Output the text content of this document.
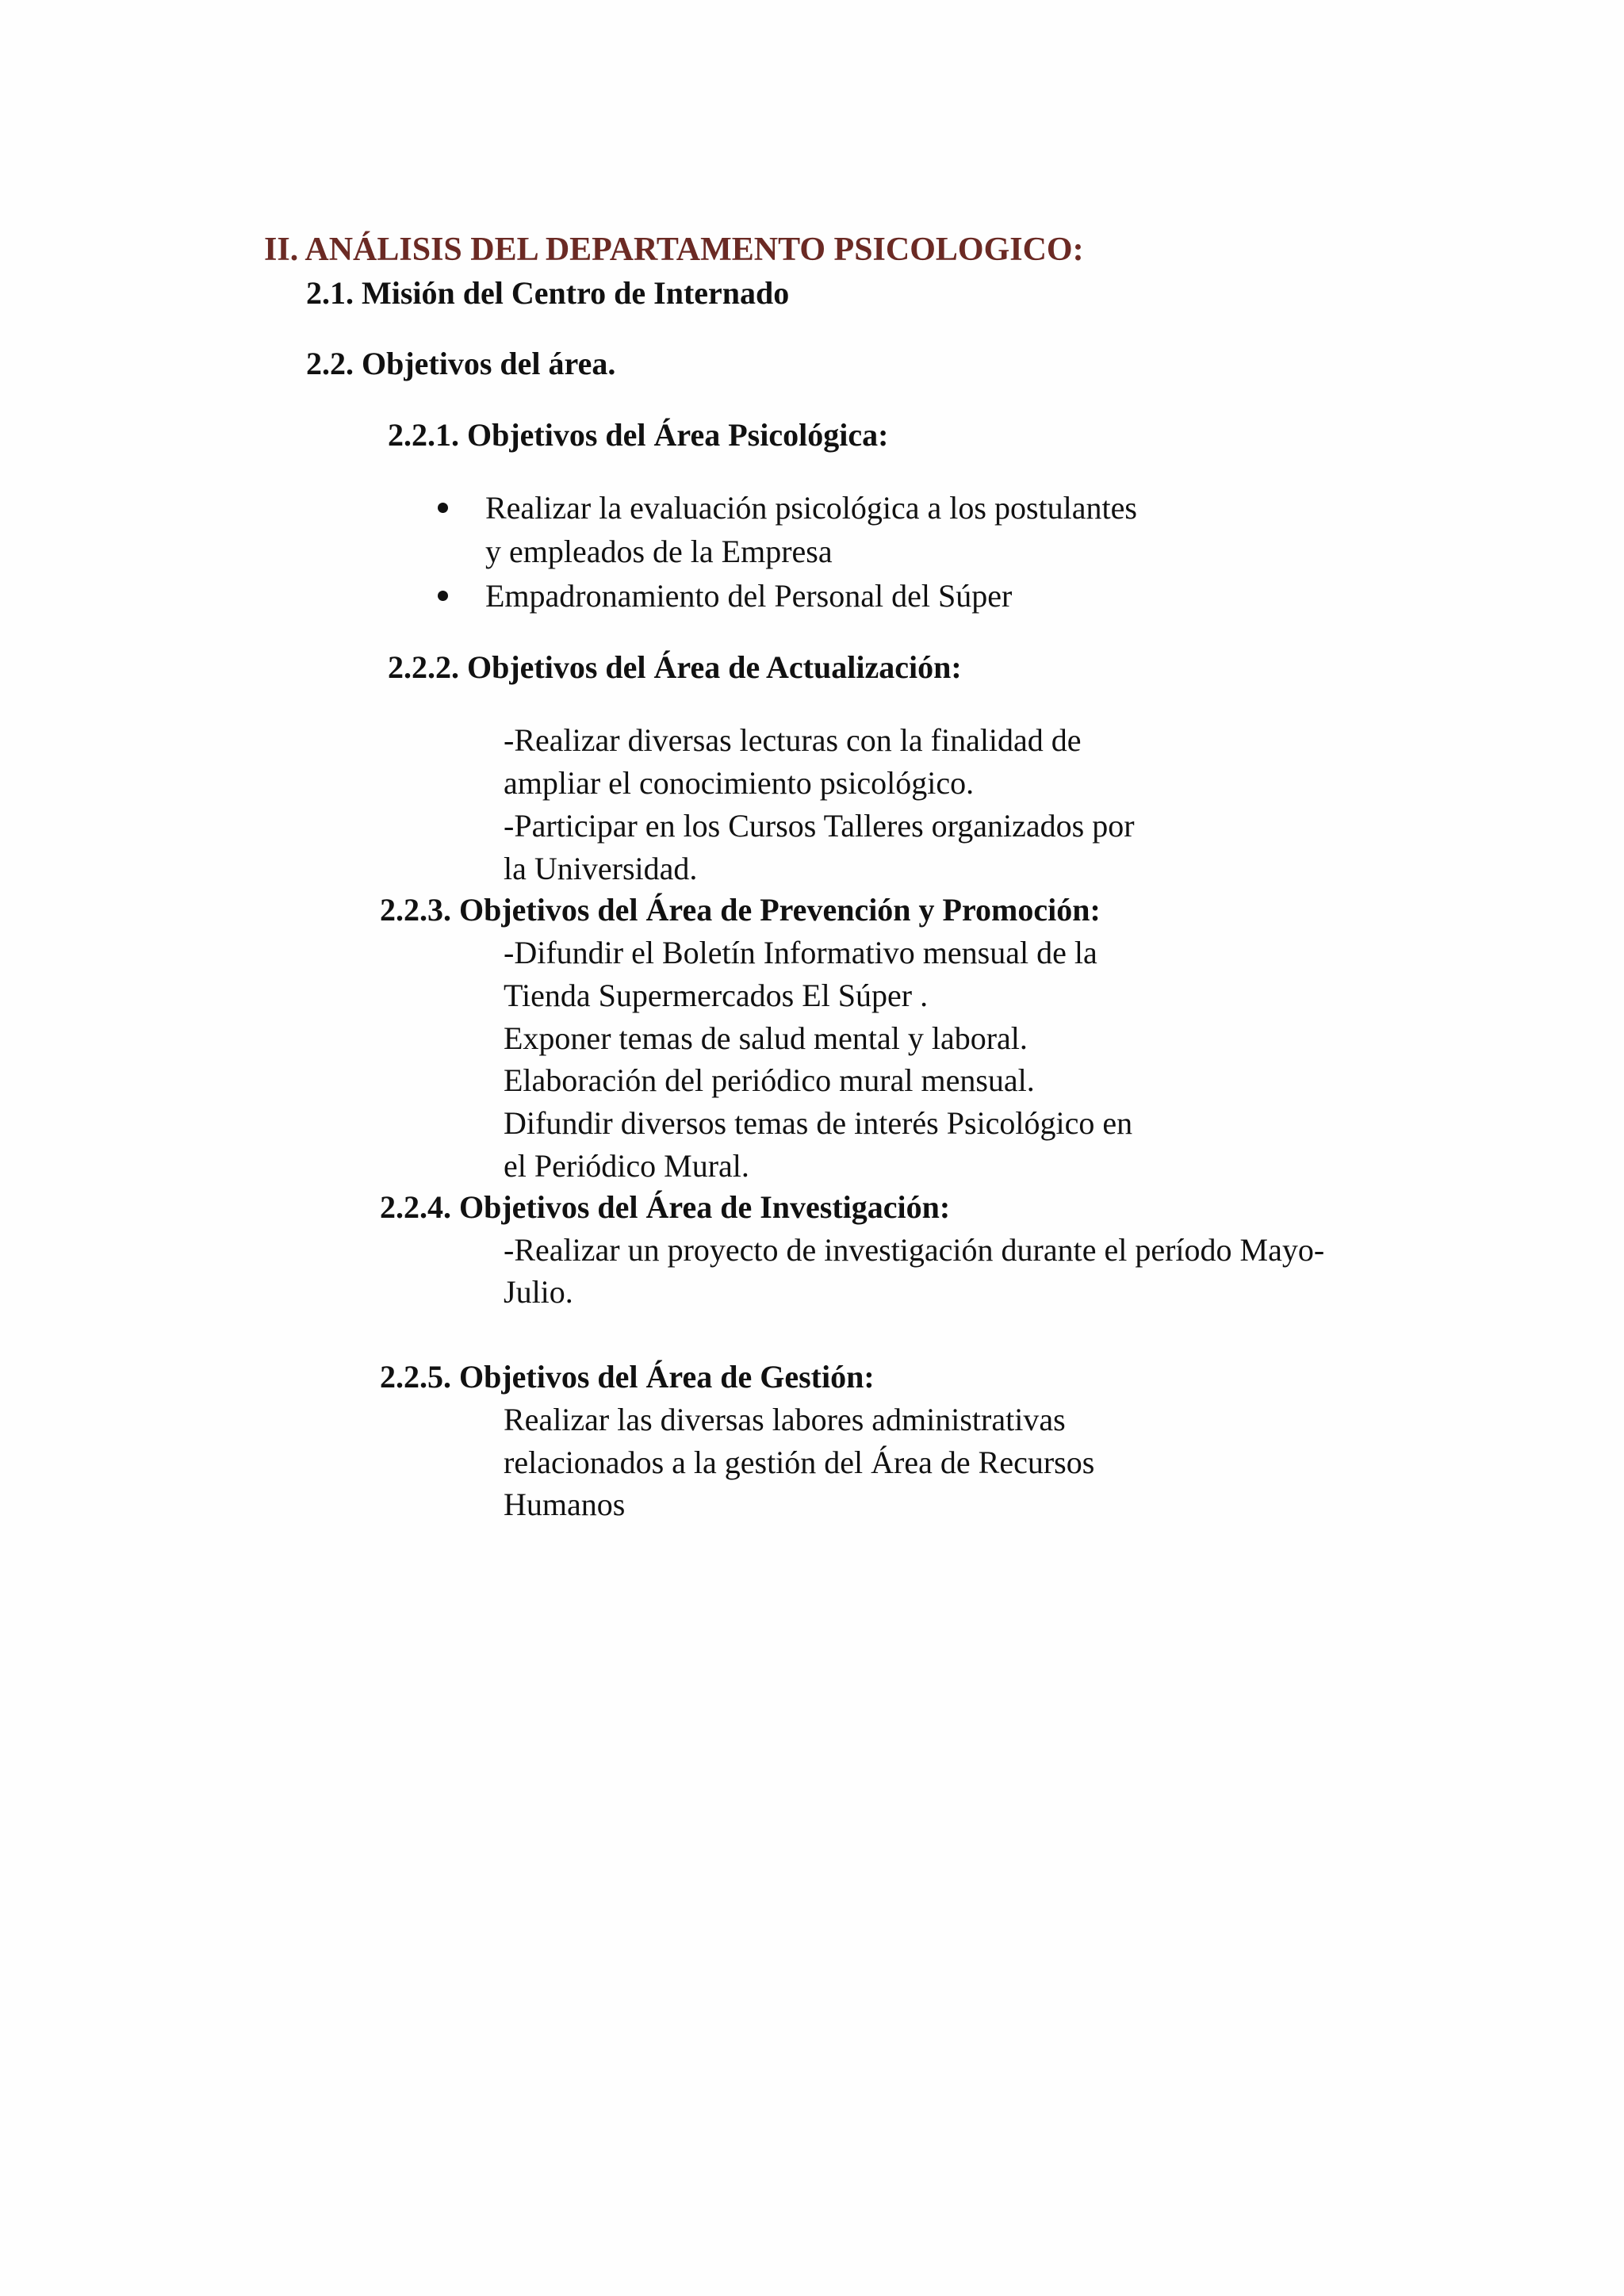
II. ANÁLISIS DEL DEPARTAMENTO PSICOLOGICO:
2.1. Misión del Centro de Internado
2.2. Objetivos del área.
2.2.1. Objetivos del Área Psicológica:
Realizar la evaluación psicológica a los postulantes
y empleados de la Empresa
Empadronamiento del Personal del Súper
2.2.2. Objetivos del Área de Actualización:
-Realizar diversas lecturas con la finalidad de
ampliar el conocimiento psicológico.
-Participar en los Cursos Talleres organizados por
la Universidad.
2.2.3. Objetivos del Área de Prevención y Promoción:
-Difundir el Boletín Informativo mensual de la
Tienda Supermercados El Súper .
Exponer temas de salud mental y laboral.
Elaboración del periódico mural mensual.
Difundir diversos temas de interés Psicológico en
el Periódico Mural.
2.2.4. Objetivos del Área de Investigación:
-Realizar un proyecto de investigación durante el período Mayo-
Julio.
2.2.5. Objetivos del Área de Gestión:
Realizar las diversas labores administrativas
relacionados a la gestión del Área de Recursos
Humanos
